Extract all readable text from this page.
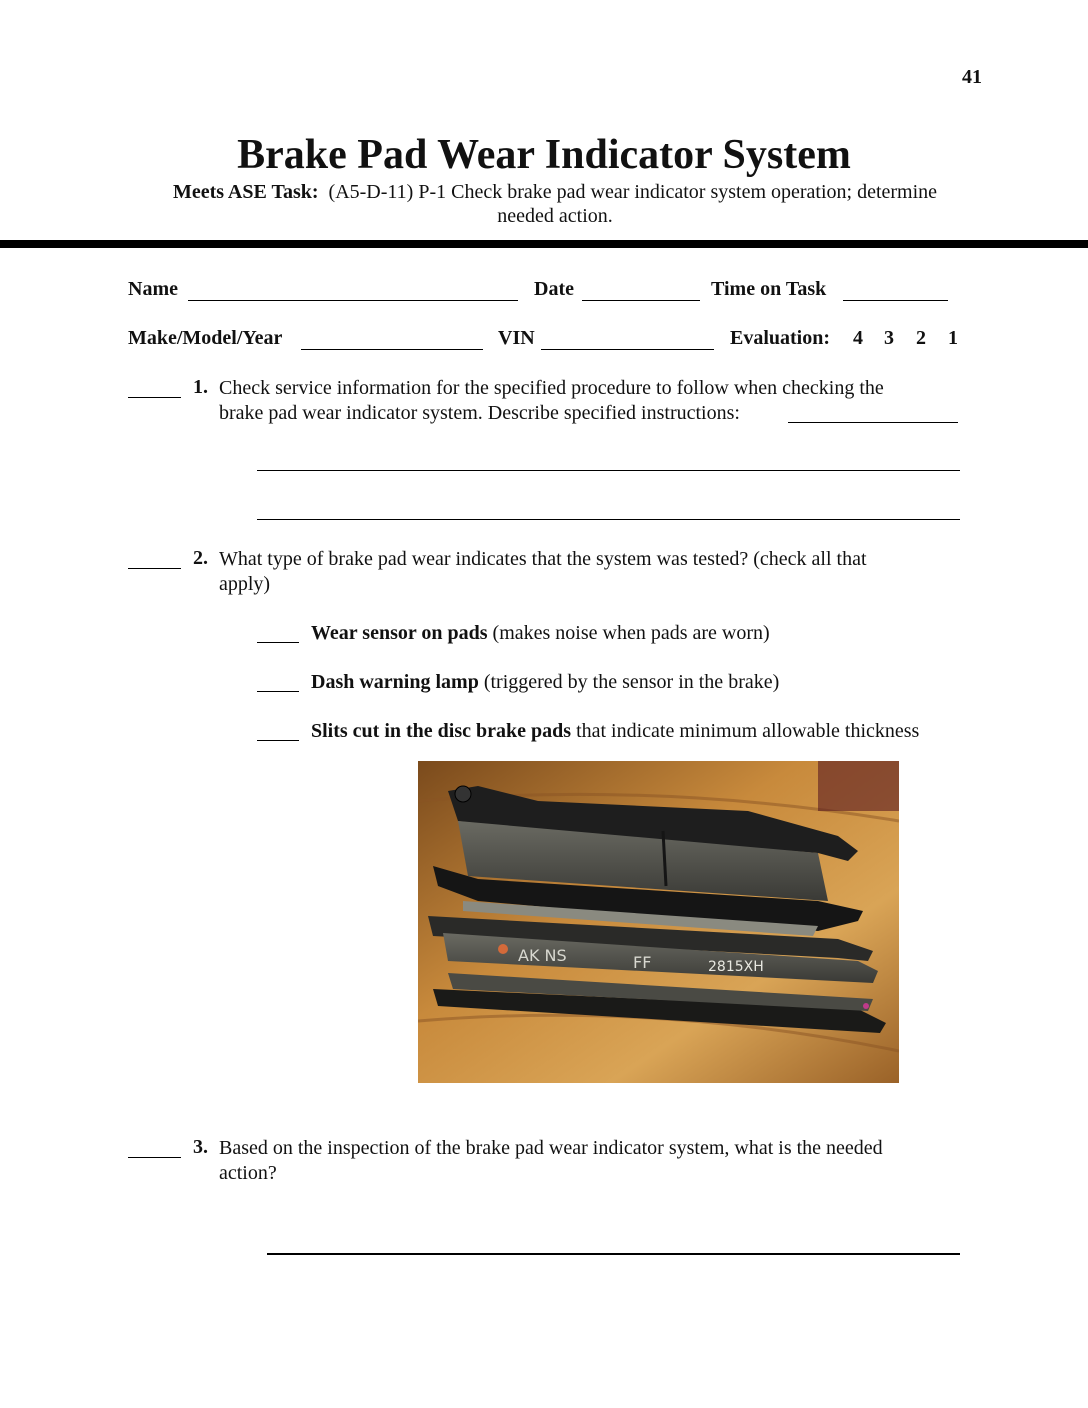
41
Brake Pad Wear Indicator System
Meets ASE Task: (A5-D-11) P-1 Check brake pad wear indicator system operation; determine
needed action.
Name	Date	Time on Task
Make/Model/Year	VIN	Evaluation: 4 3 2 1
1. Check service information for the specified procedure to follow when checking the
brake pad wear indicator system. Describe specified instructions:
2. What type of brake pad wear indicates that the system was tested? (check all that
apply)
Wear sensor on pads (makes noise when pads are worn)
Dash warning lamp (triggered by the sensor in the brake)
Slits cut in the disc brake pads that indicate minimum allowable thickness
AK NS	FF	2815XH
3. Based on the inspection of the brake pad wear indicator system, what is the needed
action?
